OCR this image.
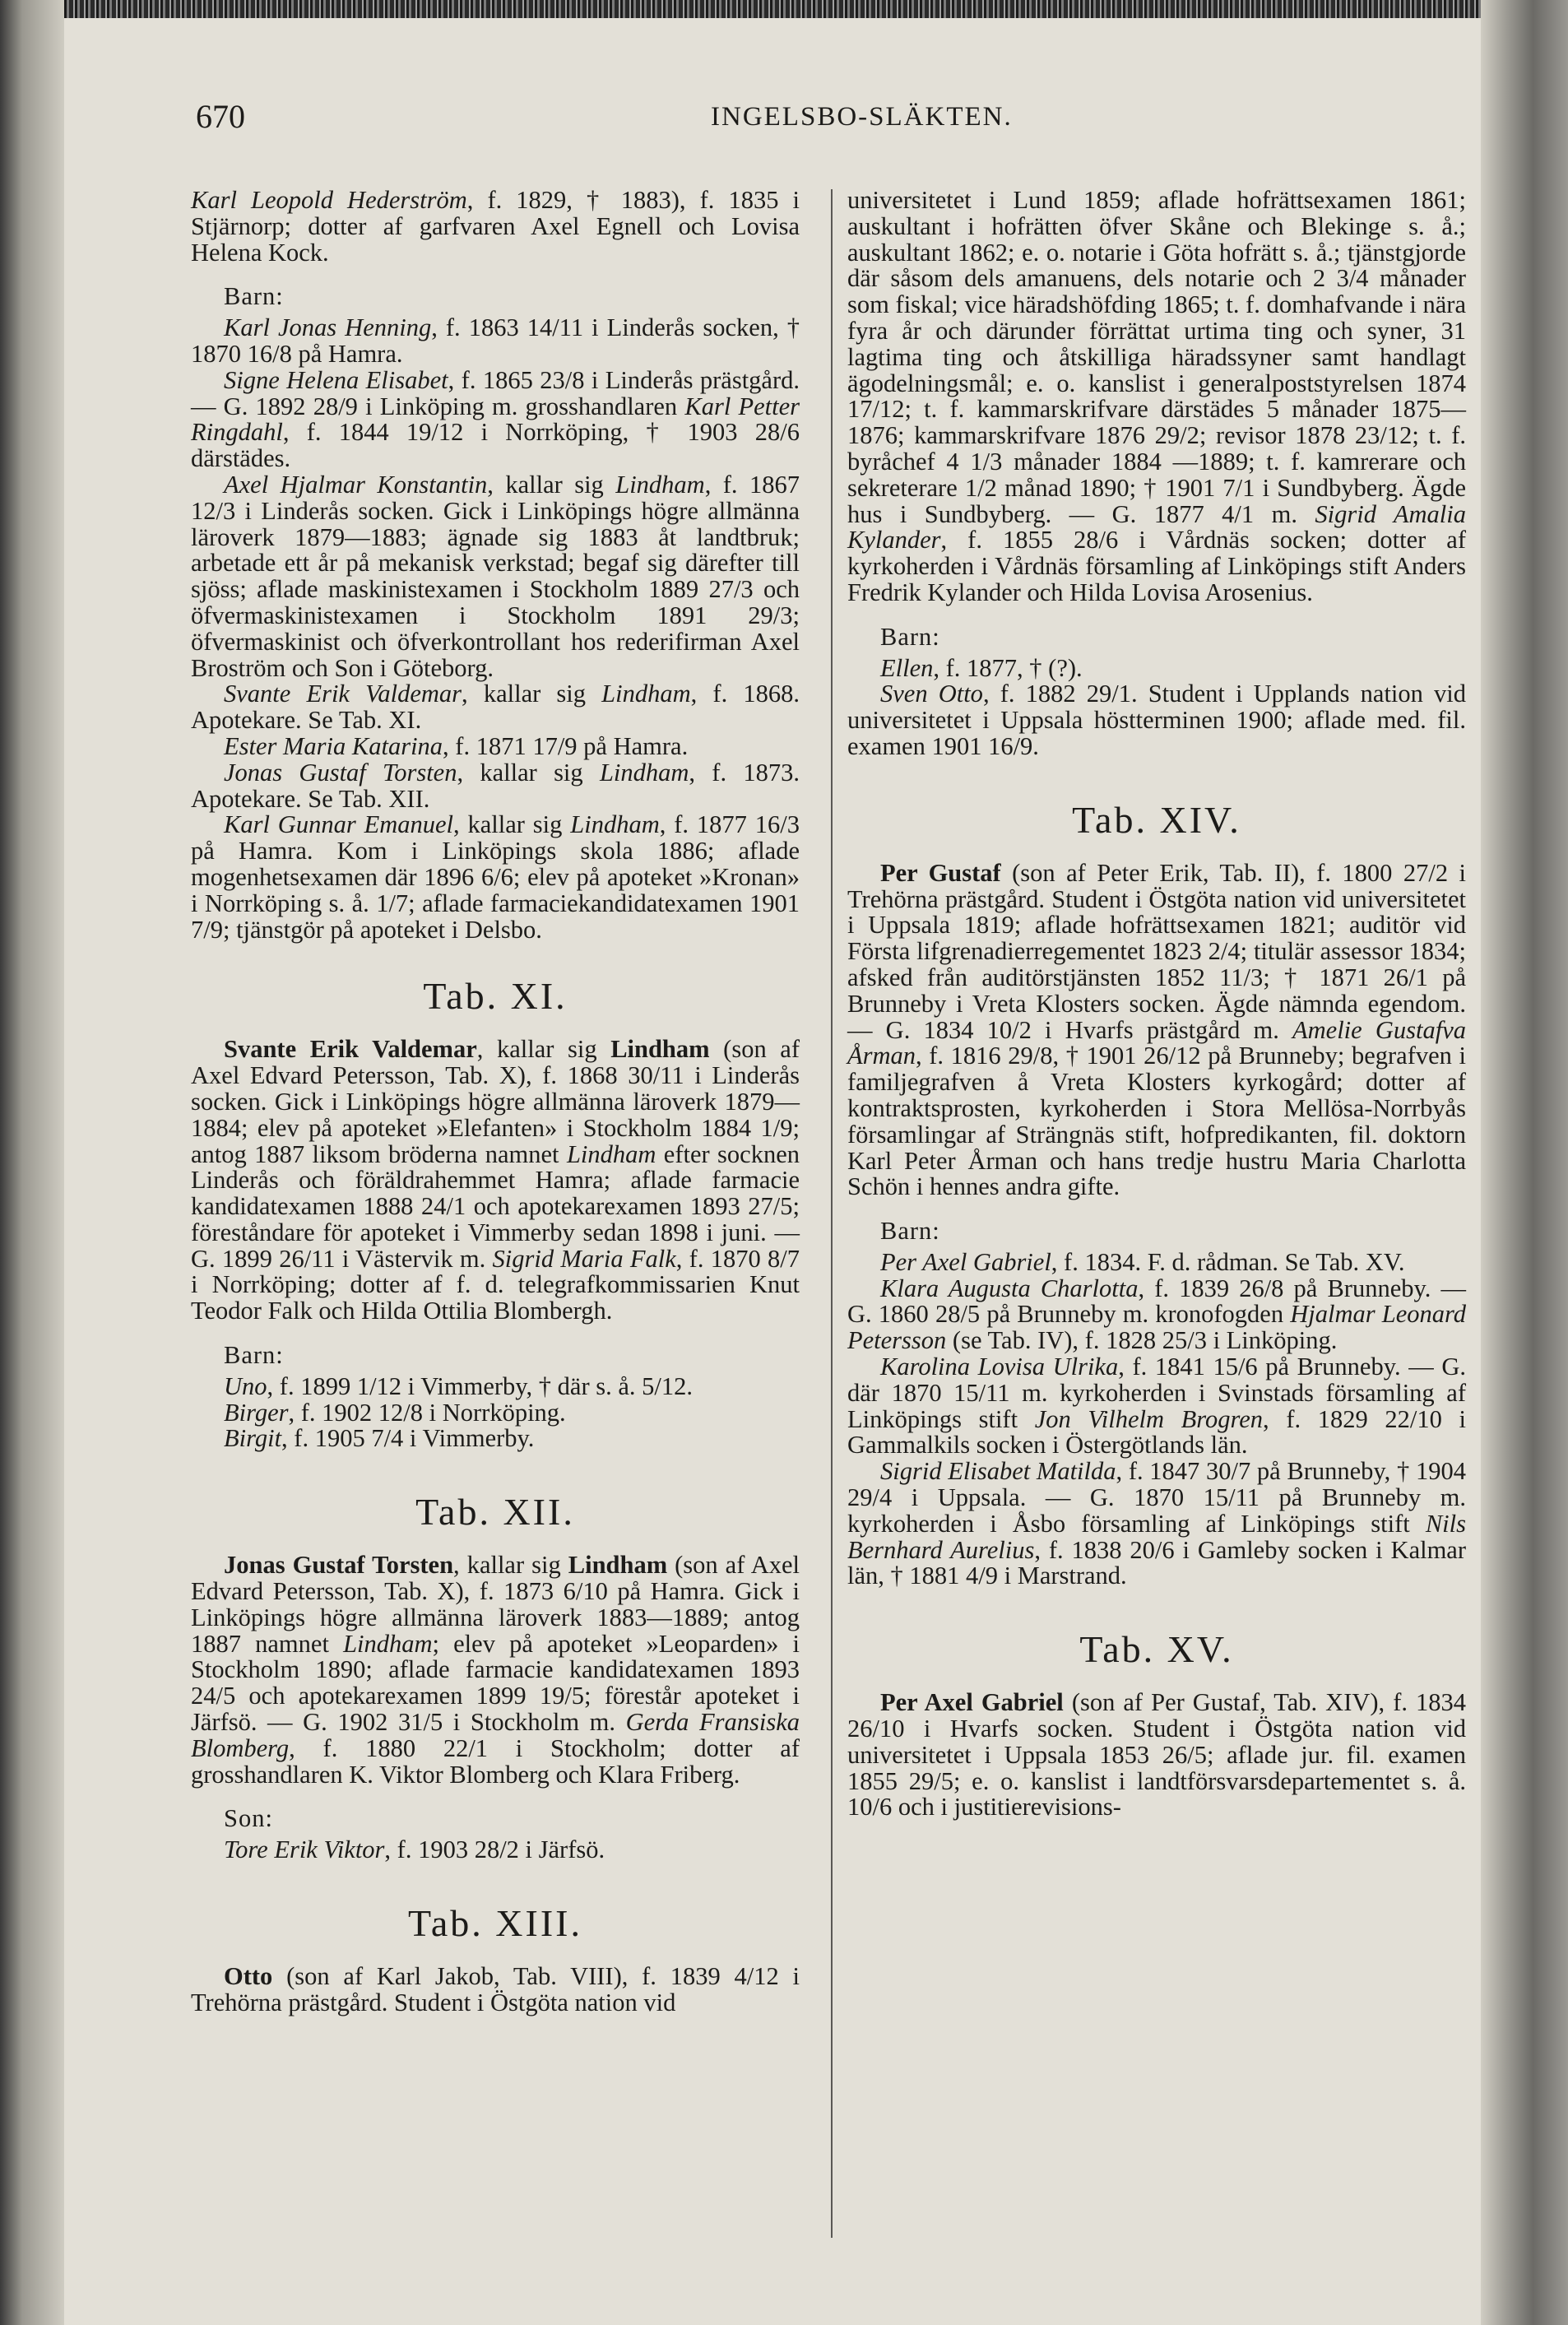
670	INGELSBO-SLÄKTEN.

Karl Leopold Hederström, f. 1829, † 1883), f. 1835 i Stjärnorp; dotter af garfvaren Axel Egnell och Lovisa Helena Kock.

Barn:

Karl Jonas Henning, f. 1863 14/11 i Linderås socken, † 1870 16/8 på Hamra.

Signe Helena Elisabet, f. 1865 23/8 i Linderås prästgård. — G. 1892 28/9 i Linköping m. grosshandlaren Karl Petter Ringdahl, f. 1844 19/12 i Norrköping, † 1903 28/6 därstädes.

Axel Hjalmar Konstantin, kallar sig Lindham, f. 1867 12/3 i Linderås socken. Gick i Linköpings högre allmänna läroverk 1879—1883; ägnade sig 1883 åt landtbruk; arbetade ett år på mekanisk verkstad; begaf sig därefter till sjöss; aflade maskinistexamen i Stockholm 1889 27/3 och öfvermaskinistexamen i Stockholm 1891 29/3; öfvermaskinist och öfverkontrollant hos rederifirman Axel Broström och Son i Göteborg.

Svante Erik Valdemar, kallar sig Lindham, f. 1868. Apotekare. Se Tab. XI.

Ester Maria Katarina, f. 1871 17/9 på Hamra.

Jonas Gustaf Torsten, kallar sig Lindham, f. 1873. Apotekare. Se Tab. XII.

Karl Gunnar Emanuel, kallar sig Lindham, f. 1877 16/3 på Hamra. Kom i Linköpings skola 1886; aflade mogenhetsexamen där 1896 6/6; elev på apoteket »Kronan» i Norrköping s. å. 1/7; aflade farmaciekandidatexamen 1901 7/9; tjänstgör på apoteket i Delsbo.

Tab. XI.

Svante Erik Valdemar, kallar sig Lindham (son af Axel Edvard Petersson, Tab. X), f. 1868 30/11 i Linderås socken. Gick i Linköpings högre allmänna läroverk 1879—1884; elev på apoteket »Elefanten» i Stockholm 1884 1/9; antog 1887 liksom bröderna namnet Lindham efter socknen Linderås och föräldrahemmet Hamra; aflade farmacie kandidatexamen 1888 24/1 och apotekarexamen 1893 27/5; föreståndare för apoteket i Vimmerby sedan 1898 i juni. — G. 1899 26/11 i Västervik m. Sigrid Maria Falk, f. 1870 8/7 i Norrköping; dotter af f. d. telegrafkommissarien Knut Teodor Falk och Hilda Ottilia Blombergh.

Barn:

Uno, f. 1899 1/12 i Vimmerby, † där s. å. 5/12.

Birger, f. 1902 12/8 i Norrköping.

Birgit, f. 1905 7/4 i Vimmerby.

Tab. XII.

Jonas Gustaf Torsten, kallar sig Lindham (son af Axel Edvard Petersson, Tab. X), f. 1873 6/10 på Hamra. Gick i Linköpings högre allmänna läroverk 1883—1889; antog 1887 namnet Lindham; elev på apoteket »Leoparden» i Stockholm 1890; aflade farmacie kandidatexamen 1893 24/5 och apotekarexamen 1899 19/5; förestår apoteket i Järfsö. — G. 1902 31/5 i Stockholm m. Gerda Fransiska Blomberg, f. 1880 22/1 i Stockholm; dotter af grosshandlaren K. Viktor Blomberg och Klara Friberg.

Son:

Tore Erik Viktor, f. 1903 28/2 i Järfsö.

Tab. XIII.

Otto (son af Karl Jakob, Tab. VIII), f. 1839 4/12 i Trehörna prästgård. Student i Östgöta nation vid

universitetet i Lund 1859; aflade hofrättsexamen 1861; auskultant i hofrätten öfver Skåne och Blekinge s. å.; auskultant 1862; e. o. notarie i Göta hofrätt s. å.; tjänstgjorde där såsom dels amanuens, dels notarie och 2 3/4 månader som fiskal; vice häradshöfding 1865; t. f. domhafvande i nära fyra år och därunder förrättat urtima ting och syner, 31 lagtima ting och åtskilliga häradssyner samt handlagt ägodelningsmål; e. o. kanslist i generalpoststyrelsen 1874 17/12; t. f. kammarskrifvare därstädes 5 månader 1875—1876; kammarskrifvare 1876 29/2; revisor 1878 23/12; t. f. byråchef 4 1/3 månader 1884 —1889; t. f. kamrerare och sekreterare 1/2 månad 1890; † 1901 7/1 i Sundbyberg. Ägde hus i Sundbyberg. — G. 1877 4/1 m. Sigrid Amalia Kylander, f. 1855 28/6 i Vårdnäs socken; dotter af kyrkoherden i Vårdnäs församling af Linköpings stift Anders Fredrik Kylander och Hilda Lovisa Arosenius.

Barn:

Ellen, f. 1877, † (?).

Sven Otto, f. 1882 29/1. Student i Upplands nation vid universitetet i Uppsala höstterminen 1900; aflade med. fil. examen 1901 16/9.

Tab. XIV.

Per Gustaf (son af Peter Erik, Tab. II), f. 1800 27/2 i Trehörna prästgård. Student i Östgöta nation vid universitetet i Uppsala 1819; aflade hofrättsexamen 1821; auditör vid Första lifgrenadierregementet 1823 2/4; titulär assessor 1834; afsked från auditörstjänsten 1852 11/3; † 1871 26/1 på Brunneby i Vreta Klosters socken. Ägde nämnda egendom. — G. 1834 10/2 i Hvarfs prästgård m. Amelie Gustafva Årman, f. 1816 29/8, † 1901 26/12 på Brunneby; begrafven i familjegrafven å Vreta Klosters kyrkogård; dotter af kontraktsprosten, kyrkoherden i Stora Mellösa-Norrbyås församlingar af Strängnäs stift, hofpredikanten, fil. doktorn Karl Peter Årman och hans tredje hustru Maria Charlotta Schön i hennes andra gifte.

Barn:

Per Axel Gabriel, f. 1834. F. d. rådman. Se Tab. XV.

Klara Augusta Charlotta, f. 1839 26/8 på Brunneby. — G. 1860 28/5 på Brunneby m. kronofogden Hjalmar Leonard Petersson (se Tab. IV), f. 1828 25/3 i Linköping.

Karolina Lovisa Ulrika, f. 1841 15/6 på Brunneby. — G. där 1870 15/11 m. kyrkoherden i Svinstads församling af Linköpings stift Jon Vilhelm Brogren, f. 1829 22/10 i Gammalkils socken i Östergötlands län.

Sigrid Elisabet Matilda, f. 1847 30/7 på Brunneby, † 1904 29/4 i Uppsala. — G. 1870 15/11 på Brunneby m. kyrkoherden i Åsbo församling af Linköpings stift Nils Bernhard Aurelius, f. 1838 20/6 i Gamleby socken i Kalmar län, † 1881 4/9 i Marstrand.

Tab. XV.

Per Axel Gabriel (son af Per Gustaf, Tab. XIV), f. 1834 26/10 i Hvarfs socken. Student i Östgöta nation vid universitetet i Uppsala 1853 26/5; aflade jur. fil. examen 1855 29/5; e. o. kanslist i landtförsvarsdepartementet s. å. 10/6 och i justitierevisions-
